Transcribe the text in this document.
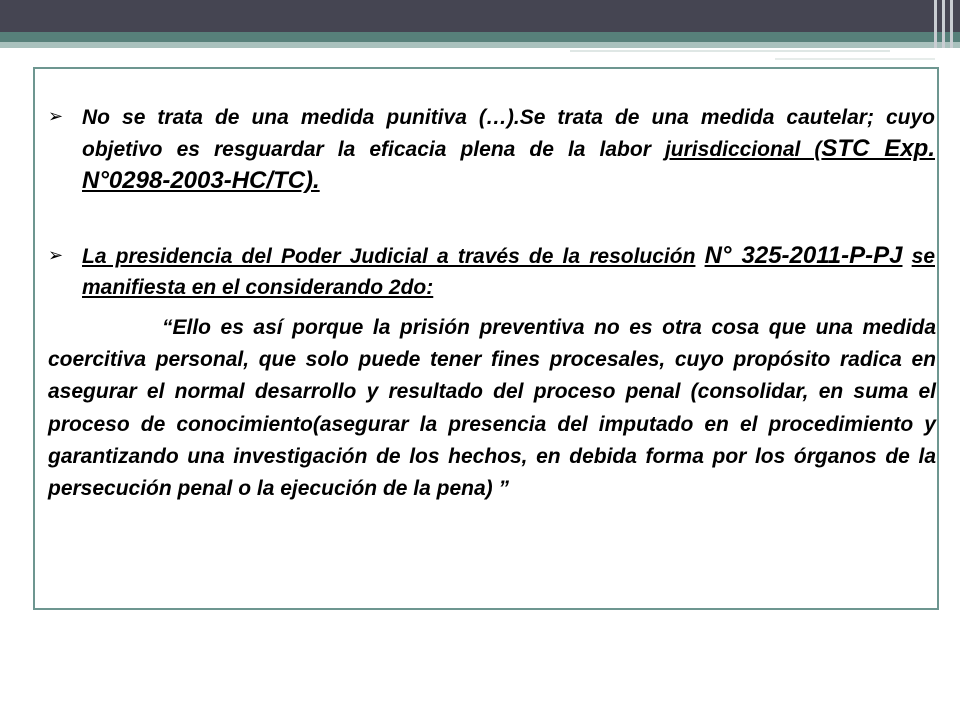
➢ No se trata de una medida punitiva (…).Se trata de una medida cautelar; cuyo objetivo es resguardar la eficacia plena de la labor jurisdiccional (STC Exp. N°0298-2003-HC/TC).
➢ La presidencia del Poder Judicial a través de la resolución N° 325-2011-P-PJ se manifiesta en el considerando 2do:
“Ello es así porque la prisión preventiva no es otra cosa que una medida coercitiva personal, que solo puede tener fines procesales, cuyo propósito radica en asegurar el normal desarrollo y resultado del proceso penal (consolidar, en suma el proceso de conocimiento(asegurar la presencia del imputado en el procedimiento y garantizando una investigación de los hechos, en debida forma por los órganos de la persecución penal o la ejecución de la pena) ”
